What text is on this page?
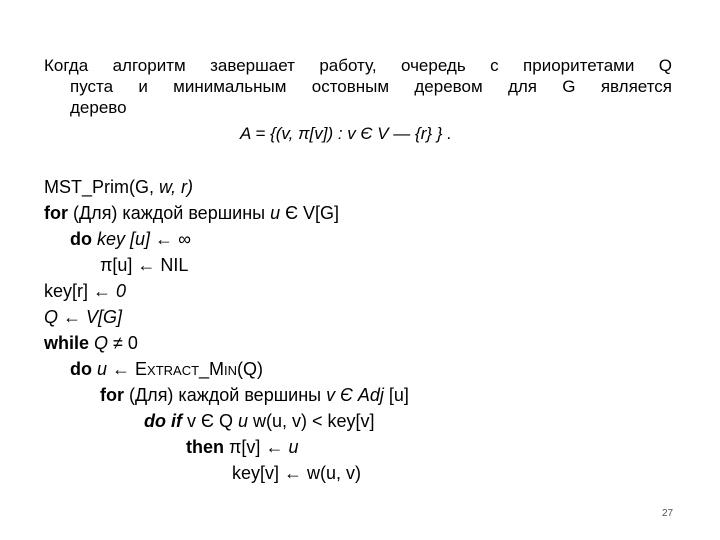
Когда алгоритм завершает работу, очередь с приоритетами Q
пуста и минимальным остовным деревом для G является
дерево
A = {(v, π[v]) : v Є V — {r} } .
MST_Prim(G, w, r)
for (Для) каждой вершины u Є V[G]
do key [u] ← ∞
π[u] ← NIL
key[r] ← 0
Q ← V[G]
while Q ≠ 0
do u ← EXTRACT_MIN(Q)
for (Для) каждой вершины v Є Adj [u]
do if v Є Q и w(u, v) < key[v]
then π[v] ← u
key[v] ← w(u, v)
27
